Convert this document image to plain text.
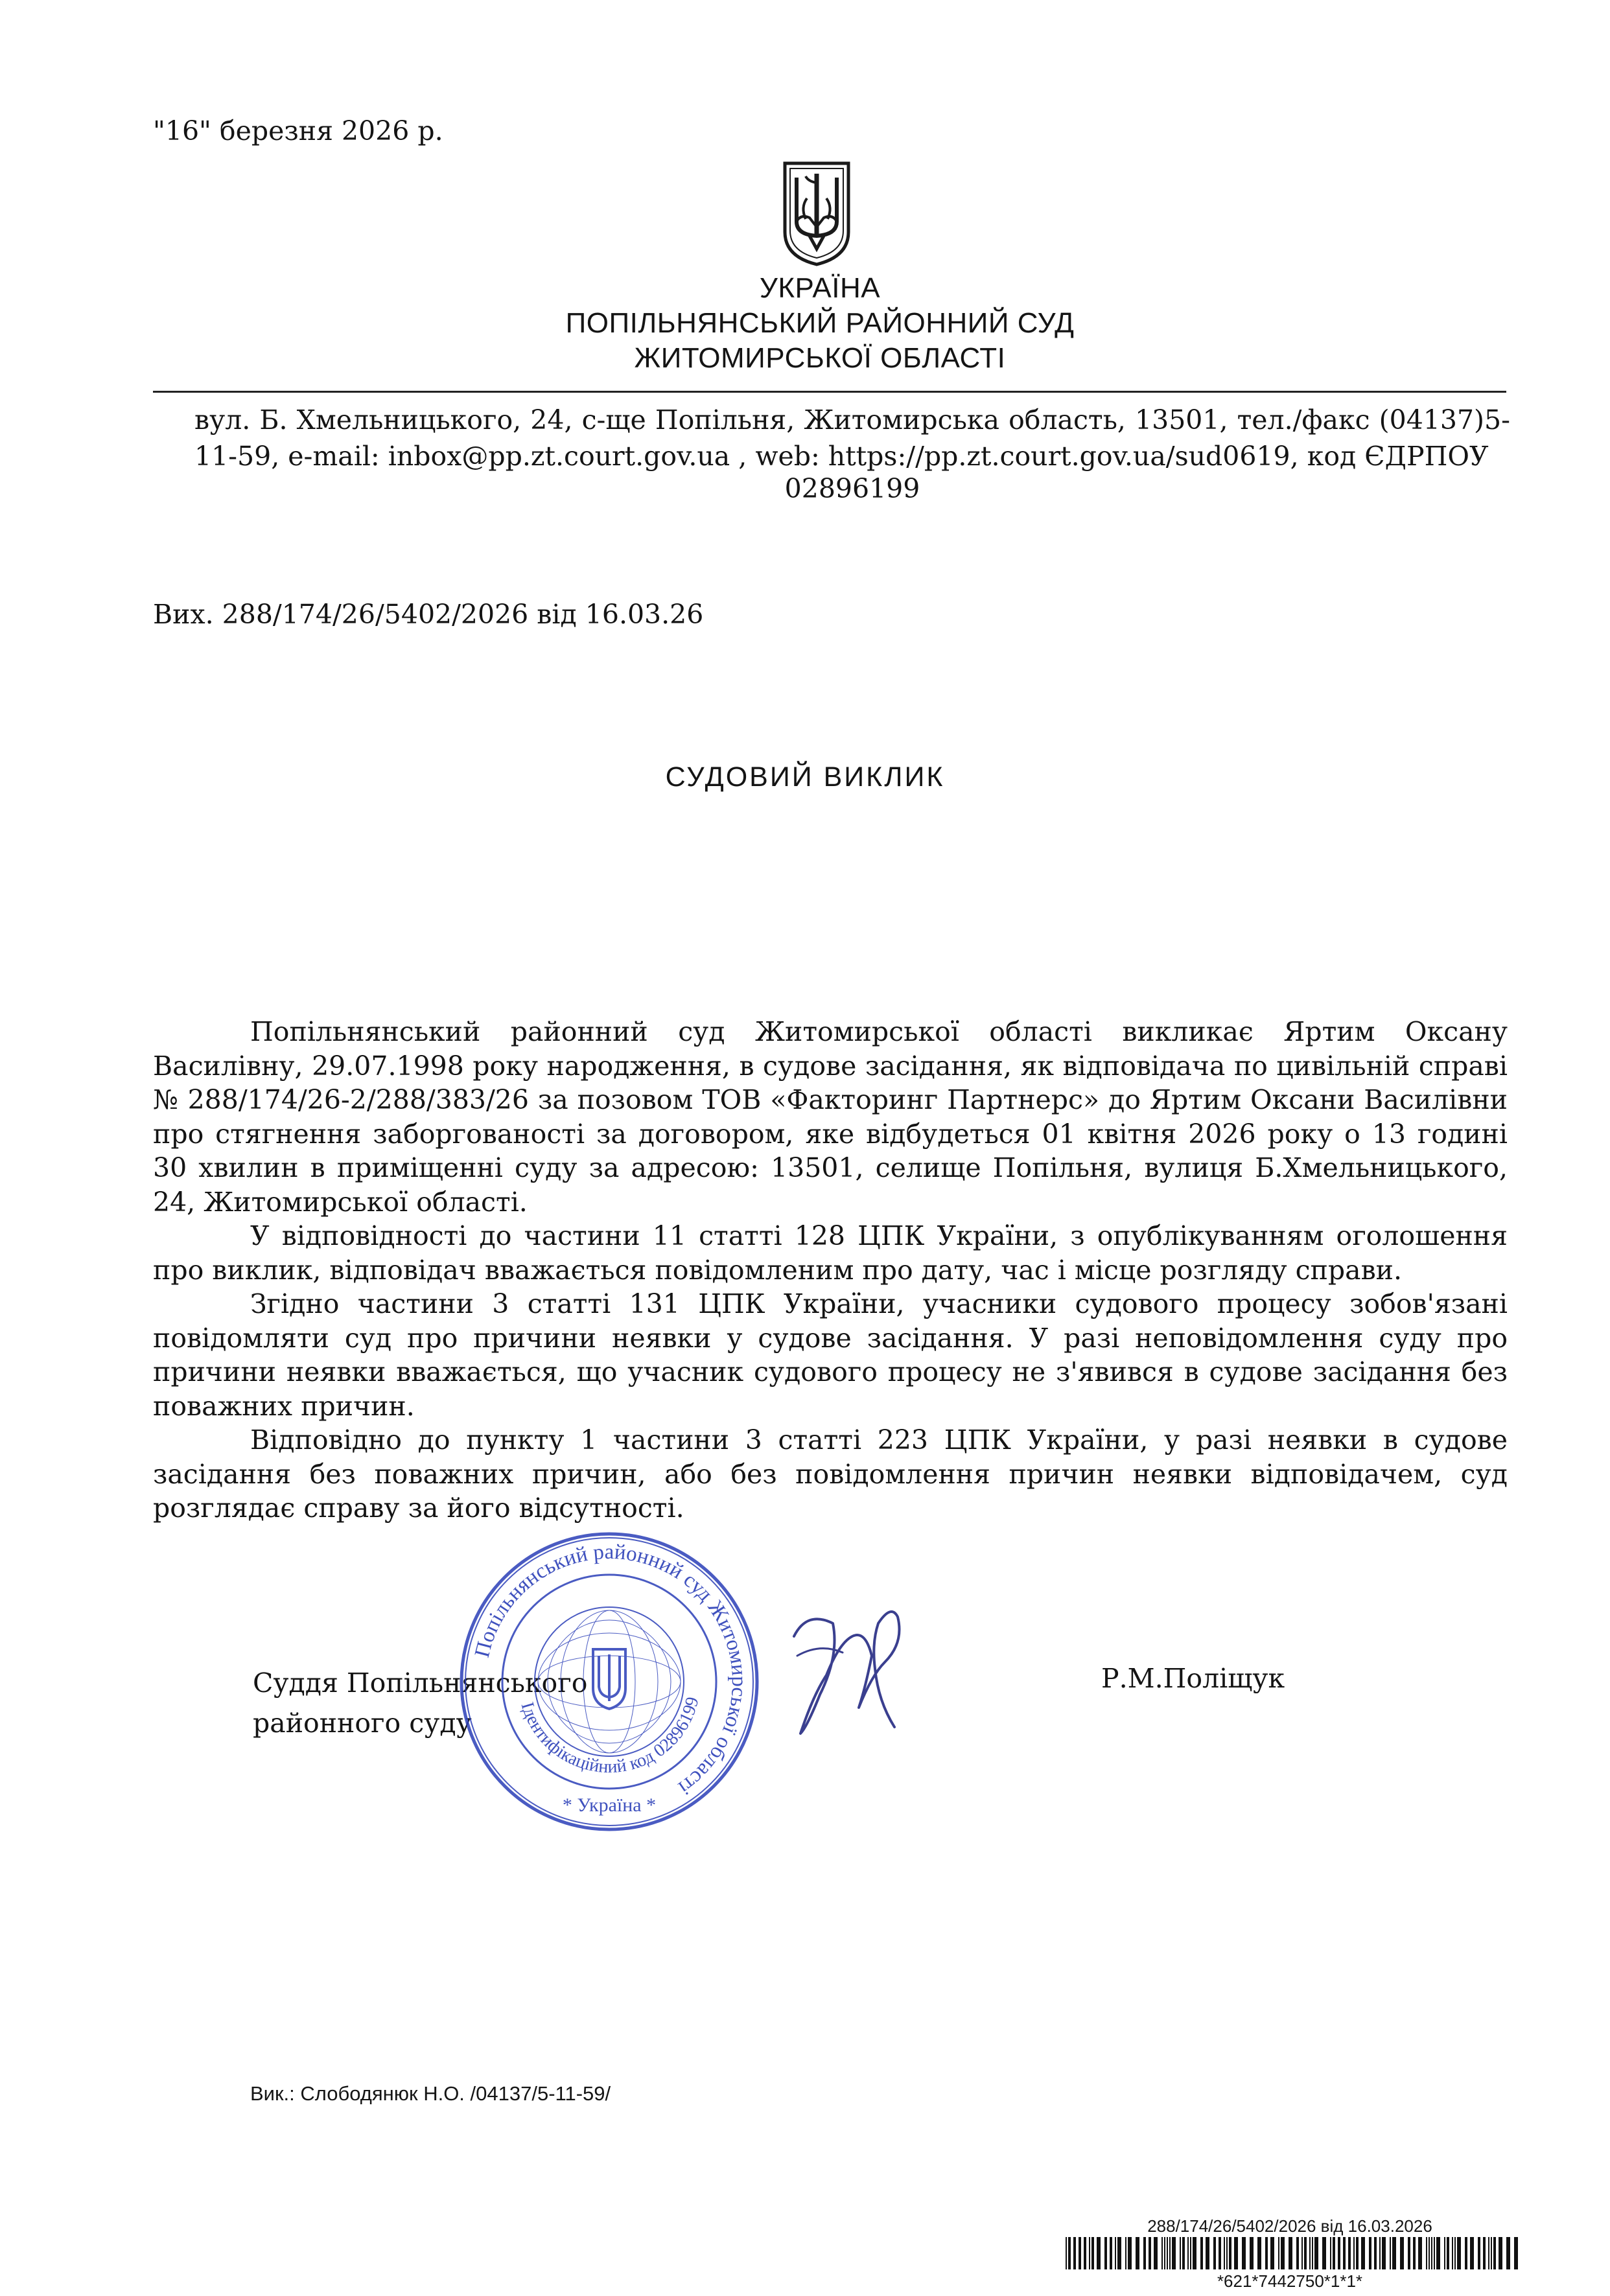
"16" березня 2026 р.
УКРАЇНА
ПОПІЛЬНЯНСЬКИЙ РАЙОННИЙ СУД
ЖИТОМИРСЬКОЇ ОБЛАСТІ
вул. Б. Хмельницького, 24, с-ще Попільня, Житомирська область, 13501, тел./факс (04137)5-11-59, e-mail: inbox@pp.zt.court.gov.ua , web: https://pp.zt.court.gov.ua/sud0619, код ЄДРПОУ
02896199
Вих. 288/174/26/5402/2026 від 16.03.26
СУДОВИЙ ВИКЛИК

Попільнянський районний суд Житомирської області викликає Яртим Оксану Василівну, 29.07.1998 року народження, в судове засідання, як відповідача по цивільній справі № 288/174/26-2/288/383/26 за позовом ТОВ «Факторинг Партнерс» до Яртим Оксани Василівни про стягнення заборгованості за договором, яке відбудеться 01 квітня 2026 року о 13 годині 30 хвилин в приміщенні суду за адресою: 13501, селище Попільня, вулиця Б.Хмельницького, 24, Житомирської області.

У відповідності до частини 11 статті 128 ЦПК України, з опублікуванням оголошення про виклик, відповідач вважається повідомленим про дату, час і місце розгляду справи.

Згідно частини 3 статті 131 ЦПК України, учасники судового процесу зобов'язані повідомляти суд про причини неявки у судове засідання. У разі неповідомлення суду про причини неявки вважається, що учасник судового процесу не з'явився в судове засідання без поважних причин.

Відповідно до пункту 1 частини 3 статті 223 ЦПК України, у разі неявки в судове засідання без поважних причин, або без повідомлення причин неявки відповідачем, суд розглядає справу за його відсутності.

Суддя Попільнянського
районного суду
Р.М.Поліщук
Попільнянський районний суд Житомирської області
Ідентифікаційний код 02896199
* Україна *
Вик.: Слободянюк Н.О. /04137/5-11-59/
288/174/26/5402/2026 від 16.03.2026
*621*7442750*1*1*
